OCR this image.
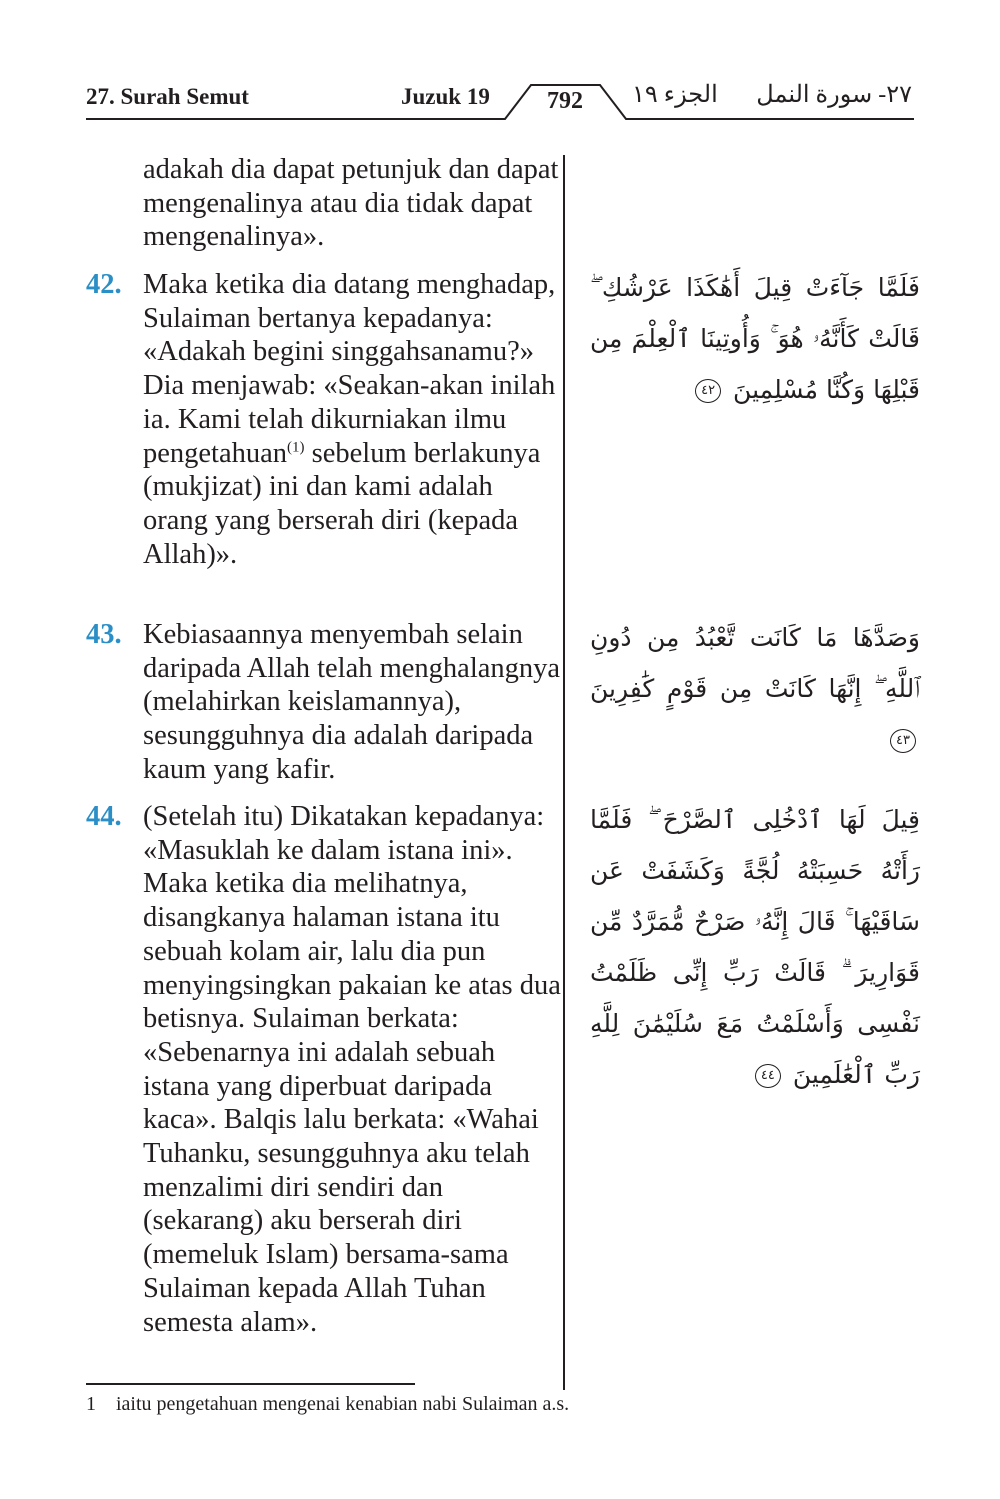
27. Surah Semut	Juzuk 19	792	الجزء ١٩ ٢٧- سورة النمل
adakah dia dapat petunjuk dan dapat mengenalinya atau dia tidak dapat mengenalinya».
42. Maka ketika dia datang menghadap, Sulaiman bertanya kepadanya: «Adakah begini singgahsanamu?» Dia menjawab: «Seakan-akan inilah ia. Kami telah dikurniakan ilmu pengetahuan$^{(1)}$ sebelum berlakunya (mukjizat) ini dan kami adalah orang yang berserah diri (kepada Allah)».
فَلَمَّا جَآءَتْ قِيلَ أَهَٰكَذَا عَرْشُكِ ۖ قَالَتْ كَأَنَّهُۥ هُوَ ۚ وَأُوتِينَا ٱلْعِلْمَ مِن قَبْلِهَا وَكُنَّا مُسْلِمِينَ ٤٢
43. Kebiasaannya menyembah selain daripada Allah telah menghalangnya (melahirkan keislamannya), sesungguhnya dia adalah daripada kaum yang kafir.
وَصَدَّهَا مَا كَانَت تَّعْبُدُ مِن دُونِ ٱللَّهِ ۖ إِنَّهَا كَانَتْ مِن قَوْمٍ كَٰفِرِينَ ٤٣
44. (Setelah itu) Dikatakan kepadanya: «Masuklah ke dalam istana ini». Maka ketika dia melihatnya, disangkanya halaman istana itu sebuah kolam air, lalu dia pun menyingsingkan pakaian ke atas dua betisnya. Sulaiman berkata: «Sebenarnya ini adalah sebuah istana yang diperbuat daripada kaca». Balqis lalu berkata: «Wahai Tuhanku, sesungguhnya aku telah menzalimi diri sendiri dan (sekarang) aku berserah diri (memeluk Islam) bersama-sama Sulaiman kepada Allah Tuhan semesta alam».
قِيلَ لَهَا ٱدْخُلِى ٱلصَّرْحَ ۖ فَلَمَّا رَأَتْهُ حَسِبَتْهُ لُجَّةً وَكَشَفَتْ عَن سَاقَيْهَا ۚ قَالَ إِنَّهُۥ صَرْحٌ مُّمَرَّدٌ مِّن قَوَارِيرَ ۗ قَالَتْ رَبِّ إِنِّى ظَلَمْتُ نَفْسِى وَأَسْلَمْتُ مَعَ سُلَيْمَٰنَ لِلَّهِ رَبِّ ٱلْعَٰلَمِينَ ٤٤
1 iaitu pengetahuan mengenai kenabian nabi Sulaiman a.s.
